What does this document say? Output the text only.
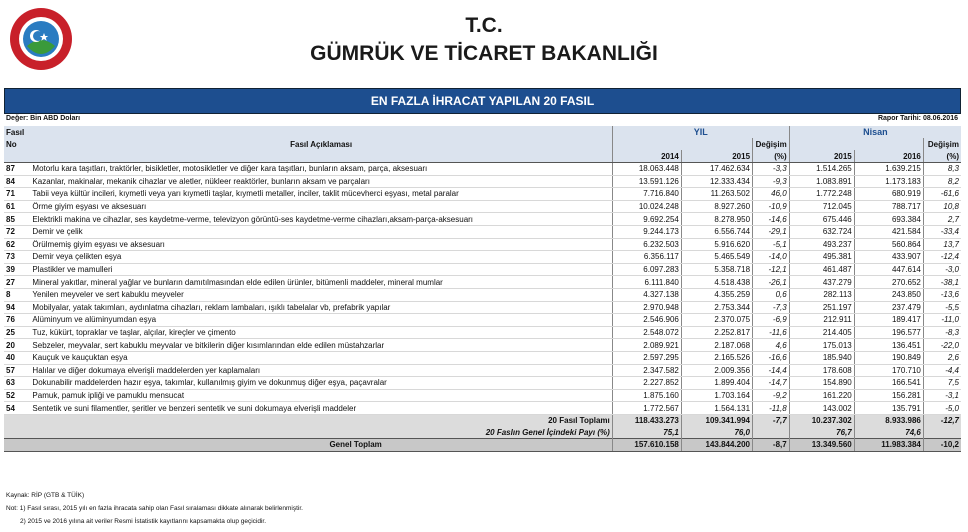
T.C.
GÜMRÜK VE TİCARET BAKANLIĞI
EN FAZLA İHRACAT YAPILAN 20 FASIL
Değer: Bin ABD Doları	Rapor Tarihi: 08.06.2016
Fasıl	Fasıl Açıklaması	YIL			Nisan		
No				Değişim			Değişim
		2014	2015	(%)	2015	2016	(%)
87	Motorlu kara taşıtları, traktörler, bisikletler, motosikletler ve diğer kara taşıtları, bunların aksam, parça, aksesuarı	18.063.448	17.462.634	-3,3	1.514.265	1.639.215	8,3
84	Kazanlar, makinalar, mekanik cihazlar ve aletler, nükleer reaktörler, bunların aksam ve parçaları	13.591.126	12.333.434	-9,3	1.083.891	1.173.183	8,2
71	Tabii veya kültür incileri, kıymetli veya yarı kıymetli taşlar, kıymetli metaller, inciler, taklit mücevherci eşyası, metal paralar	7.716.840	11.263.502	46,0	1.772.248	680.919	-61,6
61	Örme giyim eşyası ve aksesuarı	10.024.248	8.927.260	-10,9	712.045	788.717	10,8
85	Elektrikli makina ve cihazlar, ses kaydetme-verme, televizyon görüntü-ses kaydetme-verme cihazları,aksam-parça-aksesuarı	9.692.254	8.278.950	-14,6	675.446	693.384	2,7
72	Demir ve çelik	9.244.173	6.556.744	-29,1	632.724	421.584	-33,4
62	Örülmemiş giyim eşyası ve aksesuarı	6.232.503	5.916.620	-5,1	493.237	560.864	13,7
73	Demir veya çelikten eşya	6.356.117	5.465.549	-14,0	495.381	433.907	-12,4
39	Plastikler ve mamulleri	6.097.283	5.358.718	-12,1	461.487	447.614	-3,0
27	Mineral yakıtlar, mineral yağlar ve bunların damıtılmasından elde edilen ürünler, bitümenli maddeler, mineral mumlar	6.111.840	4.518.438	-26,1	437.279	270.652	-38,1
8	Yenilen meyveler ve sert kabuklu meyveler	4.327.138	4.355.259	0,6	282.113	243.850	-13,6
94	Mobilyalar, yatak takımları, aydınlatma cihazları, reklam lambaları, ışıklı tabelalar vb, prefabrik yapılar	2.970.948	2.753.344	-7,3	251.197	237.479	-5,5
76	Alüminyum ve alüminyumdan eşya	2.546.906	2.370.075	-6,9	212.911	189.417	-11,0
25	Tuz, kükürt, topraklar ve taşlar, alçılar, kireçler ve çimento	2.548.072	2.252.817	-11,6	214.405	196.577	-8,3
20	Sebzeler, meyvalar, sert kabuklu meyvalar ve bitkilerin diğer kısımlarından elde edilen müstahzarlar	2.089.921	2.187.068	4,6	175.013	136.451	-22,0
40	Kauçuk ve kauçuktan eşya	2.597.295	2.165.526	-16,6	185.940	190.849	2,6
57	Halılar ve diğer dokumaya elverişli maddelerden yer kaplamaları	2.347.582	2.009.356	-14,4	178.608	170.710	-4,4
63	Dokunabilir maddelerden hazır eşya, takımlar, kullanılmış giyim ve dokunmuş diğer eşya, paçavralar	2.227.852	1.899.404	-14,7	154.890	166.541	7,5
52	Pamuk, pamuk ipliği ve pamuklu mensucat	1.875.160	1.703.164	-9,2	161.220	156.281	-3,1
54	Sentetik ve suni filamentler, şeritler ve benzeri sentetik ve suni dokumaya elverişli maddeler	1.772.567	1.564.131	-11,8	143.002	135.791	-5,0
	20 Fasıl Toplamı	118.433.273	109.341.994	-7,7	10.237.302	8.933.986	-12,7
	20 Faslın Genel İçindeki Payı (%)	75,1	76,0		76,7	74,6	
	Genel Toplam	157.610.158	143.844.200	-8,7	13.349.560	11.983.384	-10,2
Kaynak: RİP (GTB & TÜİK)
Not: 1) Fasıl sırası, 2015 yılı en fazla ihracata sahip olan Fasıl sıralaması dikkate alınarak belirlenmiştir.
2) 2015 ve 2016 yılına ait veriler Resmi İstatistik kayıtlarını kapsamakta olup geçicidir.
